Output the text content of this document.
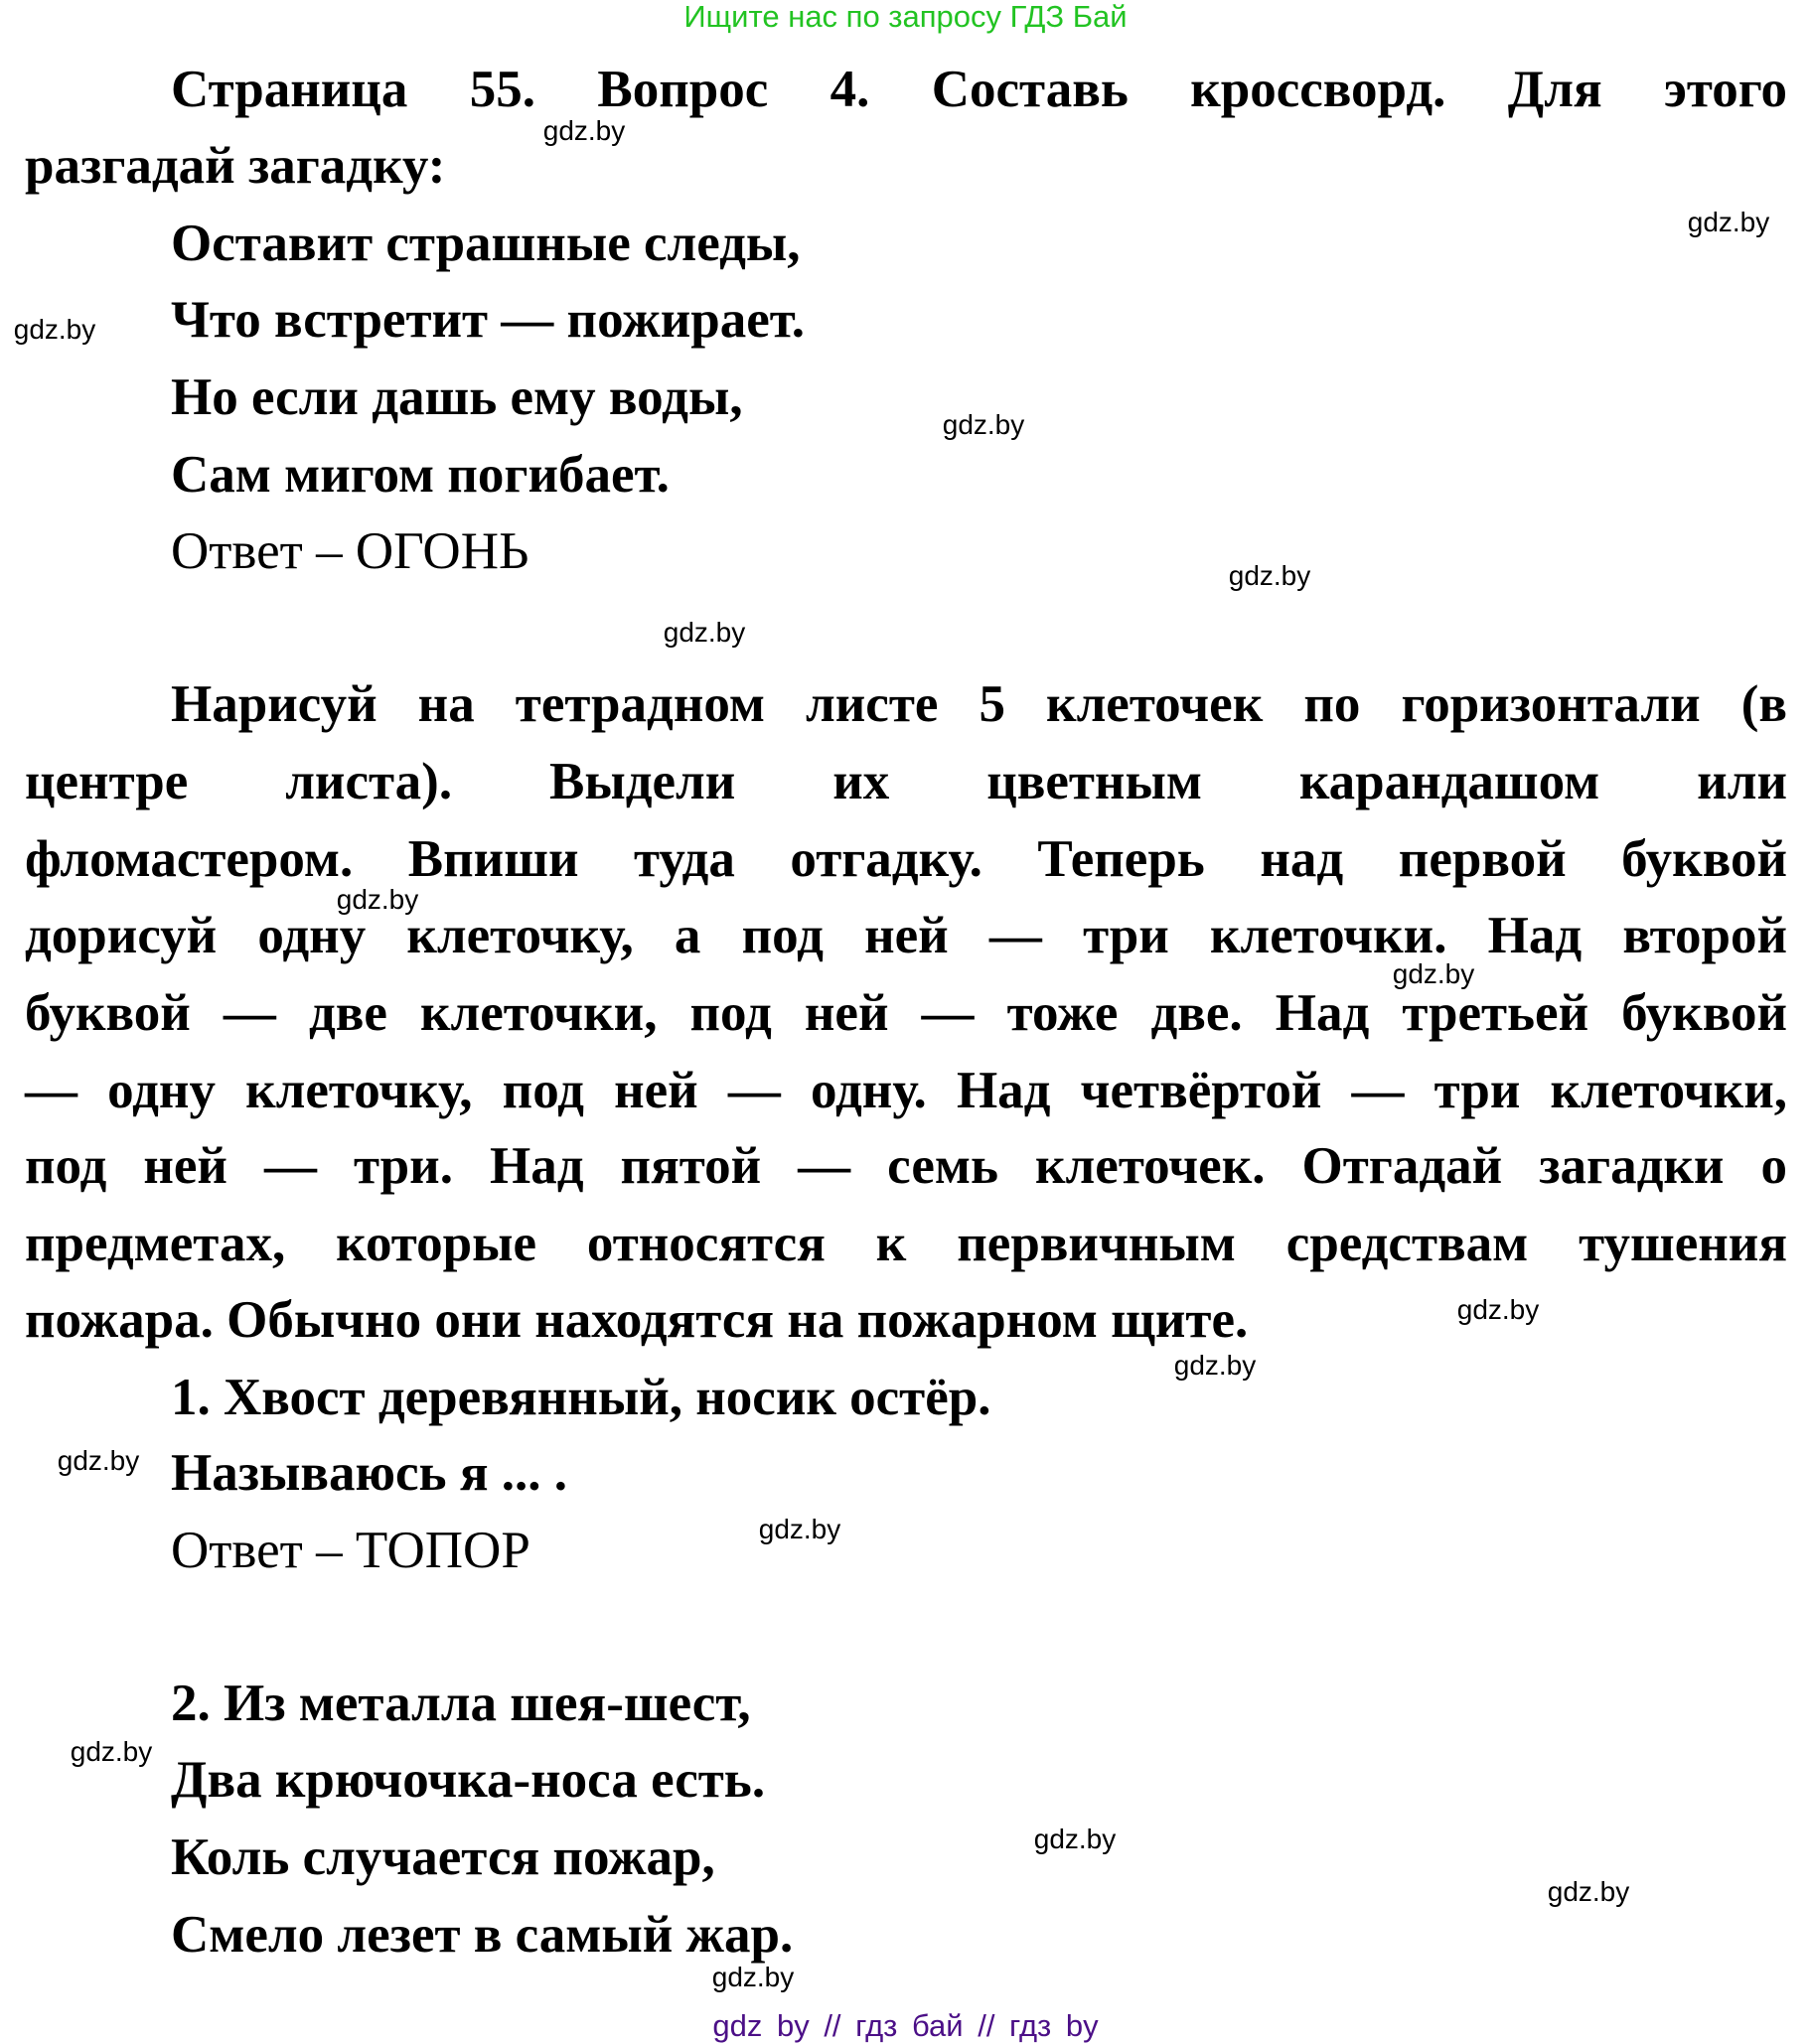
Ищите нас по запросу ГДЗ Бай
Страница 55. Вопрос 4. Составь кроссворд. Для этого
разгадай загадку:
Оставит страшные следы,
Что встретит — пожирает.
Но если дашь ему воды,
Сам мигом погибает.
Ответ – ОГОНЬ
Нарисуй на тетрадном листе 5 клеточек по горизонтали (в
центре листа). Выдели их цветным карандашом или
фломастером. Впиши туда отгадку. Теперь над первой буквой
дорисуй одну клеточку, а под ней — три клеточки. Над второй
буквой — две клеточки, под ней — тоже две. Над третьей буквой
— одну клеточку, под ней — одну. Над четвёртой — три клеточки,
под ней — три. Над пятой — семь клеточек. Отгадай загадки о
предметах, которые относятся к первичным средствам тушения
пожара. Обычно они находятся на пожарном щите.
1. Хвост деревянный, носик остёр.
Называюсь я ... .
Ответ – ТОПОР
2. Из металла шея-шест,
Два крючочка-носа есть.
Коль случается пожар,
Смело лезет в самый жар.
gdz.by
gdz.by
gdz.by
gdz.by
gdz.by
gdz.by
gdz.by
gdz.by
gdz.by
gdz.by
gdz.by
gdz.by
gdz.by
gdz.by
gdz.by
gdz.by
gdz by // гдз бай // гдз by
